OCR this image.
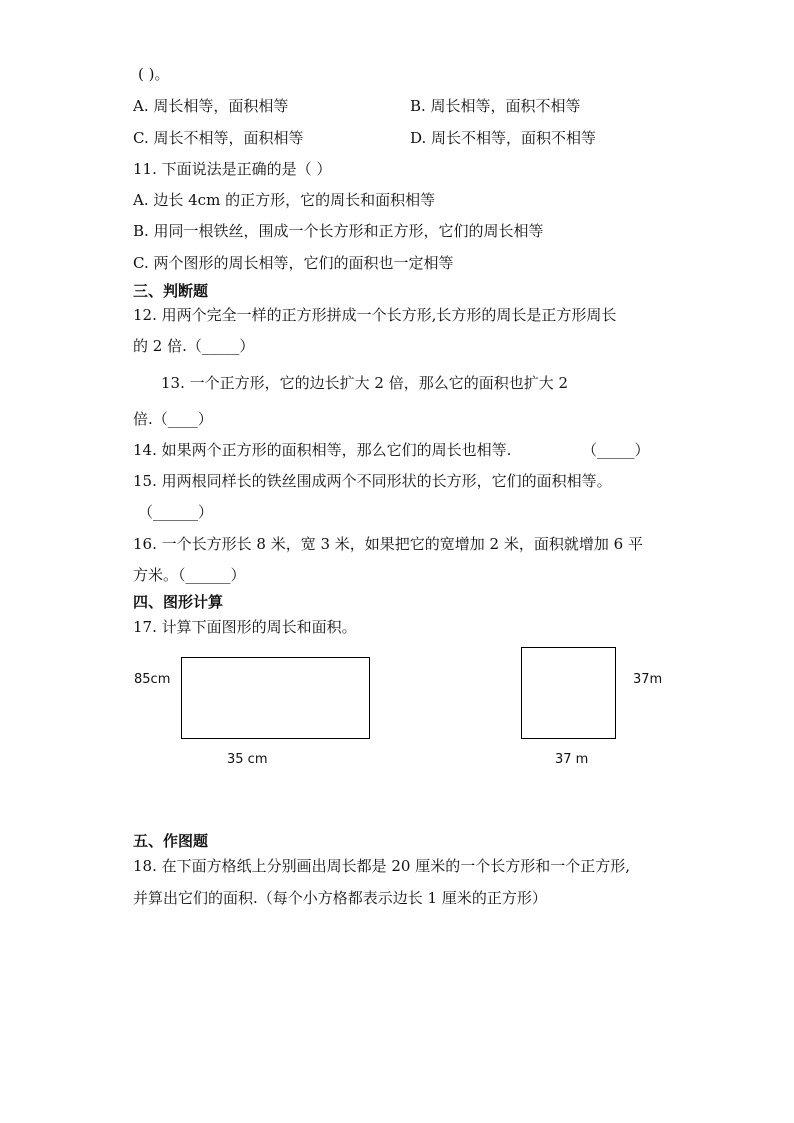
( )。
A. 周长相等，面积相等	B. 周长相等，面积不相等
C. 周长不相等，面积相等	D. 周长不相等，面积不相等
11. 下面说法是正确的是（ ）
A. 边长 4cm 的正方形，它的周长和面积相等
B. 用同一根铁丝，围成一个长方形和正方形，它们的周长相等
C. 两个图形的周长相等，它们的面积也一定相等
三、判断题
12. 用两个完全一样的正方形拼成一个长方形,长方形的周长是正方形周长
的 2 倍.（_____）
13. 一个正方形，它的边长扩大 2 倍，那么它的面积也扩大 2
倍.（____）
14. 如果两个正方形的面积相等，那么它们的周长也相等.	（_____）
15. 用两根同样长的铁丝围成两个不同形状的长方形，它们的面积相等。
（______）
16. 一个长方形长 8 米，宽 3 米，如果把它的宽增加 2 米，面积就增加 6 平
方米。（______）
四、图形计算
17. 计算下面图形的周长和面积。
85cm
35 cm
37m
37 m
五、作图题
18. 在下面方格纸上分别画出周长都是 20 厘米的一个长方形和一个正方形,
并算出它们的面积.（每个小方格都表示边长 1 厘米的正方形）
